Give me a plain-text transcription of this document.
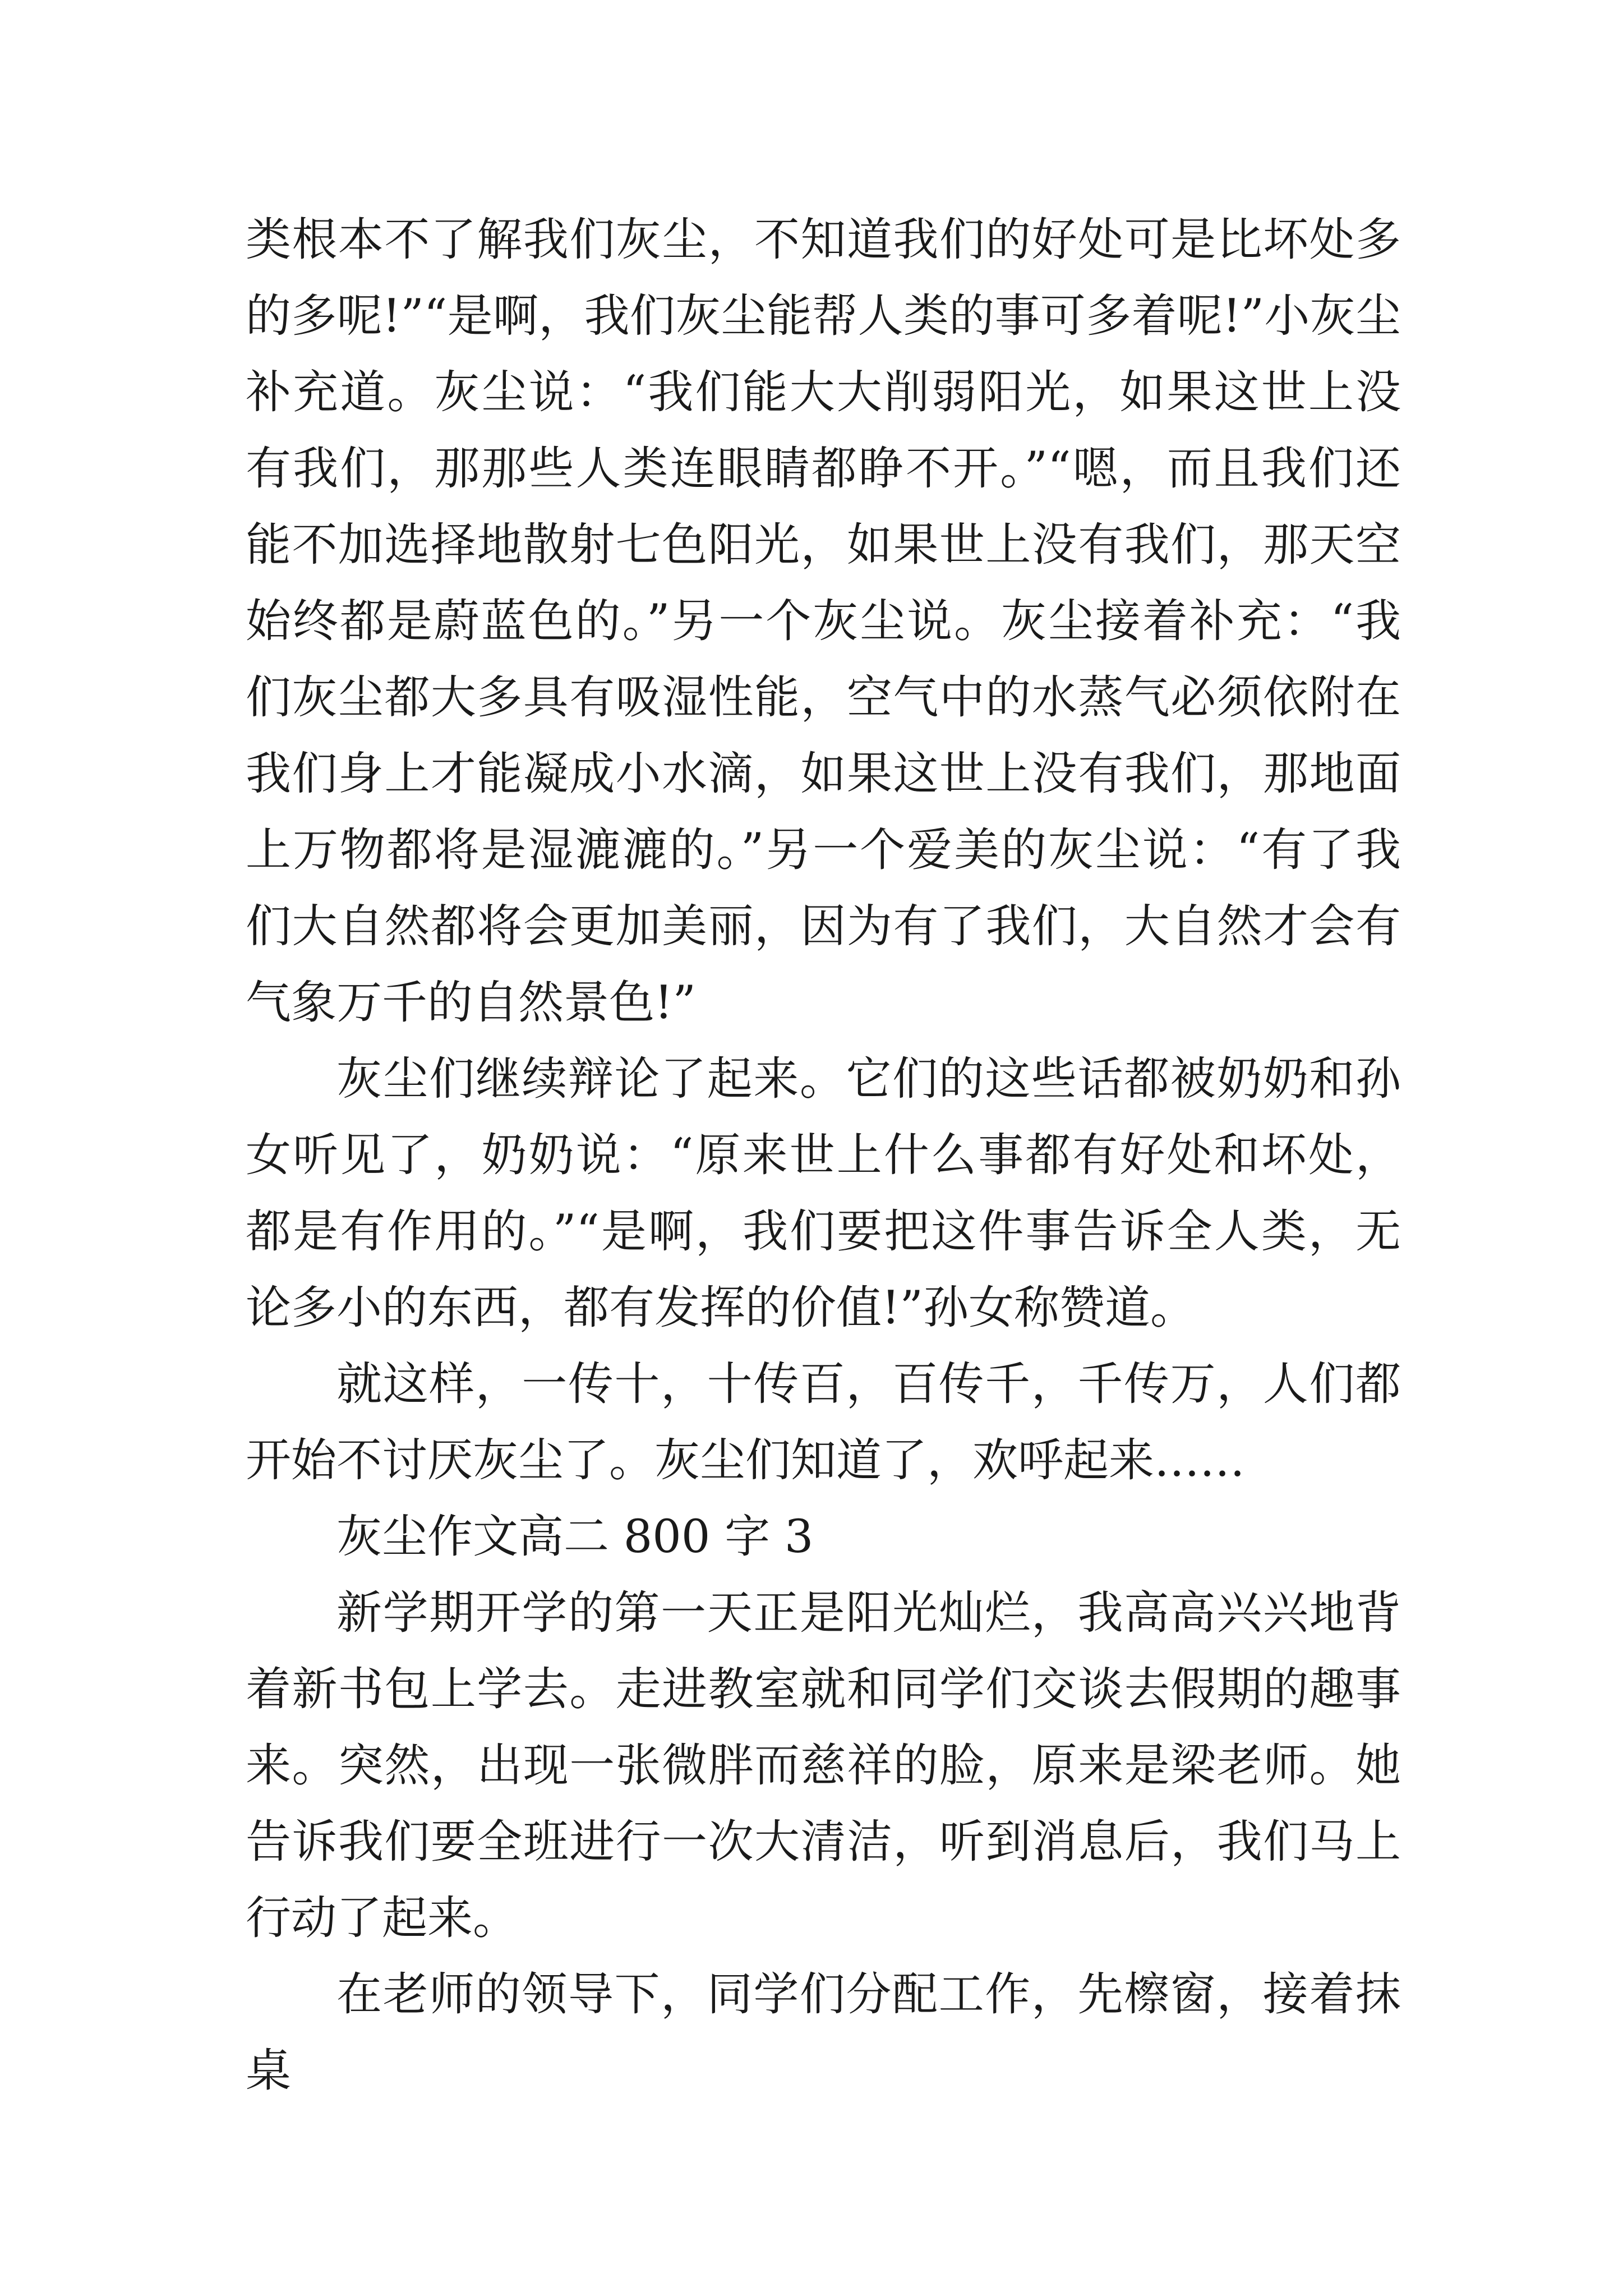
类根本不了解我们灰尘，不知道我们的好处可是比坏处多的多呢!”“是啊，我们灰尘能帮人类的事可多着呢!”小灰尘补充道。灰尘说：“我们能大大削弱阳光，如果这世上没有我们，那那些人类连眼睛都睁不开。”“嗯，而且我们还能不加选择地散射七色阳光，如果世上没有我们，那天空始终都是蔚蓝色的。”另一个灰尘说。灰尘接着补充：“我们灰尘都大多具有吸湿性能，空气中的水蒸气必须依附在我们身上才能凝成小水滴，如果这世上没有我们，那地面上万物都将是湿漉漉的。”另一个爱美的灰尘说：“有了我们大自然都将会更加美丽，因为有了我们，大自然才会有气象万千的自然景色!”

灰尘们继续辩论了起来。它们的这些话都被奶奶和孙女听见了，奶奶说：“原来世上什么事都有好处和坏处，都是有作用的。”“是啊，我们要把这件事告诉全人类，无论多小的东西，都有发挥的价值!”孙女称赞道。

就这样，一传十，十传百，百传千，千传万，人们都开始不讨厌灰尘了。灰尘们知道了，欢呼起来……

灰尘作文高二 800 字 3

新学期开学的第一天正是阳光灿烂，我高高兴兴地背着新书包上学去。走进教室就和同学们交谈去假期的趣事来。突然，出现一张微胖而慈祥的脸，原来是梁老师。她告诉我们要全班进行一次大清洁，听到消息后，我们马上行动了起来。

在老师的领导下，同学们分配工作，先檫窗，接着抹桌
